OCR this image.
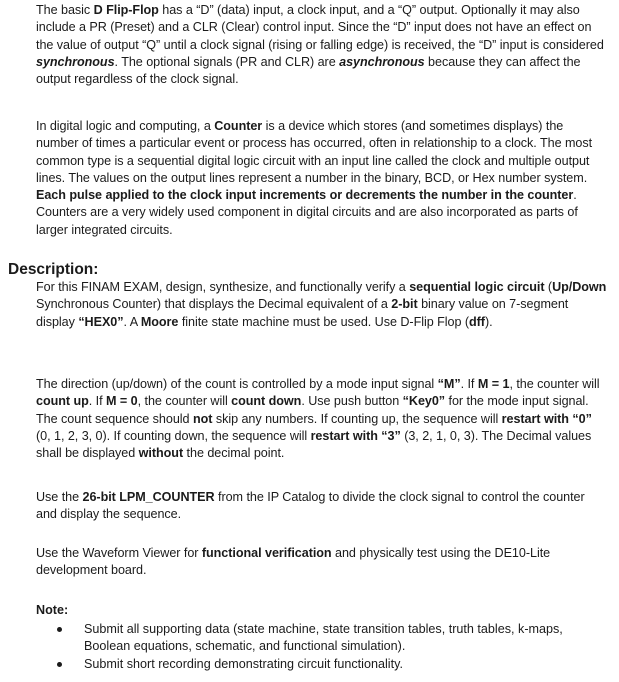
The basic D Flip-Flop has a “D” (data) input, a clock input, and a “Q” output. Optionally it may also include a PR (Preset) and a CLR (Clear) control input. Since the “D” input does not have an effect on the value of output “Q” until a clock signal (rising or falling edge) is received, the “D” input is considered synchronous. The optional signals (PR and CLR) are asynchronous because they can affect the output regardless of the clock signal.

In digital logic and computing, a Counter is a device which stores (and sometimes displays) the number of times a particular event or process has occurred, often in relationship to a clock. The most common type is a sequential digital logic circuit with an input line called the clock and multiple output lines. The values on the output lines represent a number in the binary, BCD, or Hex number system. Each pulse applied to the clock input increments or decrements the number in the counter. Counters are a very widely used component in digital circuits and are also incorporated as parts of larger integrated circuits.

Description:

For this FINAM EXAM, design, synthesize, and functionally verify a sequential logic circuit (Up/Down Synchronous Counter) that displays the Decimal equivalent of a 2-bit binary value on 7-segment display “HEX0”. A Moore finite state machine must be used. Use D-Flip Flop (dff).

The direction (up/down) of the count is controlled by a mode input signal “M”. If M = 1, the counter will count up. If M = 0, the counter will count down. Use push button “Key0” for the mode input signal. The count sequence should not skip any numbers. If counting up, the sequence will restart with “0” (0, 1, 2, 3, 0). If counting down, the sequence will restart with “3” (3, 2, 1, 0, 3). The Decimal values shall be displayed without the decimal point.

Use the 26-bit LPM_COUNTER from the IP Catalog to divide the clock signal to control the counter and display the sequence.

Use the Waveform Viewer for functional verification and physically test using the DE10-Lite development board.

Note:

Submit all supporting data (state machine, state transition tables, truth tables, k-maps, Boolean equations, schematic, and functional simulation).
Submit short recording demonstrating circuit functionality.
